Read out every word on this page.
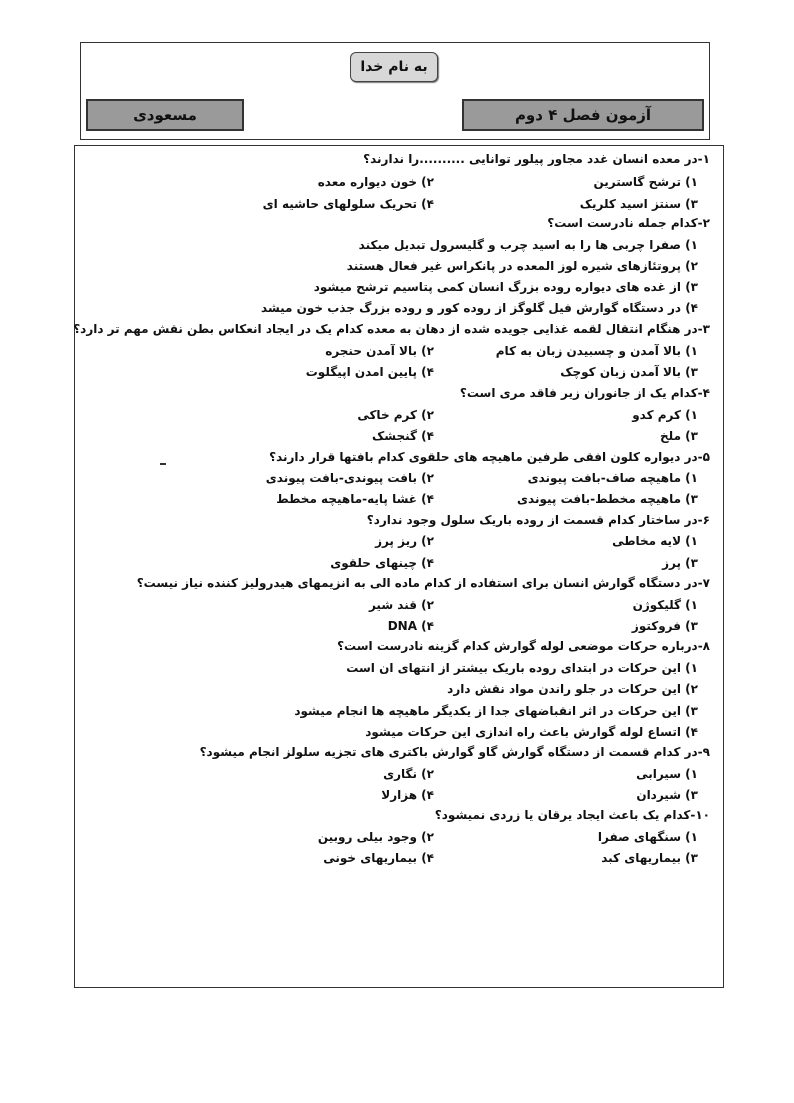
به نام خدا
آزمون فصل ۴ دوم
مسعودی
۱-در معده انسان غدد مجاور پیلور توانایی ..........را ندارند؟
۱) ترشح گاسترین
۲) خون دیواره معده
۳) سنتز اسید کلریک
۴) تحریک سلولهای حاشیه ای
۲-کدام جمله نادرست است؟
۱) صفرا چربی ها را به اسید چرب و گلیسرول تبدیل میکند
۲) پروتئازهای شیره لوز المعده در پانکراس غیر فعال هستند
۳) از غده های دیواره روده بزرگ انسان کمی پتاسیم ترشح میشود
۴) در دستگاه گوارش فیل گلوگز از روده کور و روده بزرگ جذب خون میشد
۳-در هنگام انتقال لقمه غذایی جویده شده از دهان به معده کدام یک در ایجاد انعکاس بطن نقش مهم تر دارد؟
۱) بالا آمدن و چسبیدن زبان به کام
۲) بالا آمدن حنجره
۳) بالا آمدن زبان کوچک
۴) پایین امدن اپیگلوت
۴-کدام یک از جانوران زیر فاقد مری است؟
۱) کرم کدو
۲) کرم خاکی
۳) ملخ
۴) گنجشک
۵-در دیواره کلون افقی طرفین ماهیچه های حلقوی کدام بافتها قرار دارند؟
۱) ماهیچه صاف-بافت پیوندی
۲) بافت پیوندی-بافت پیوندی
۳) ماهیچه مخطط-بافت پیوندی
۴) غشا پایه-ماهیچه مخطط
۶-در ساختار کدام قسمت از روده باریک سلول وجود ندارد؟
۱) لایه مخاطی
۲) ریز پرز
۳) پرز
۴) چینهای حلقوی
۷-در دستگاه گوارش انسان برای استفاده از کدام ماده الی به انزیمهای هیدرولیز کننده نیاز نیست؟
۱) گلیکوژن
۲) قند شیر
۳) فروکتوز
۴) DNA
۸-درباره حرکات موضعی لوله گوارش کدام گزینه نادرست است؟
۱) این حرکات در ابتدای روده باریک بیشتر از انتهای ان است
۲) این حرکات در جلو راندن مواد نقش دارد
۳) این حرکات در اثر انقباضهای جدا از یکدیگر ماهیچه ها انجام میشود
۴) اتساع لوله گوارش باعث راه اندازی این حرکات میشود
۹-در کدام قسمت از دستگاه گوارش گاو گوارش باکتری های تجزیه سلولز انجام میشود؟
۱) سیرابی
۲) نگاری
۳) شیردان
۴) هزارلا
۱۰-کدام یک باعث ایجاد یرقان یا زردی نمیشود؟
۱) سنگهای صفرا
۲) وجود بیلی روبین
۳) بیماریهای کبد
۴) بیماریهای خونی
